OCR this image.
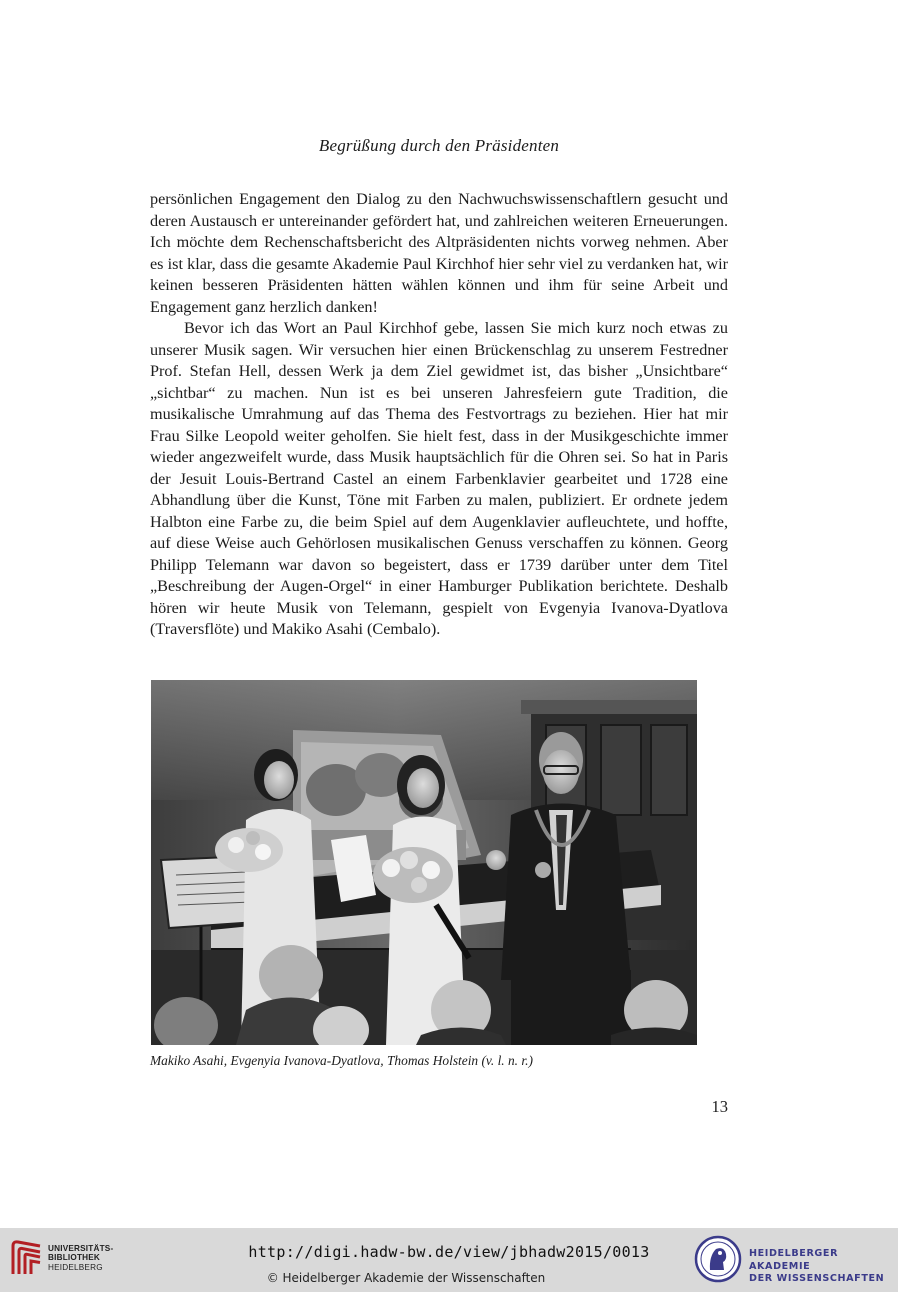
Begrüßung durch den Präsidenten

persönlichen Engagement den Dialog zu den Nachwuchswissenschaftlern gesucht und deren Austausch er untereinander gefördert hat, und zahlreichen weiteren Erneuerungen. Ich möchte dem Rechenschaftsbericht des Altpräsidenten nichts vorweg nehmen. Aber es ist klar, dass die gesamte Akademie Paul Kirchhof hier sehr viel zu verdanken hat, wir keinen besseren Präsidenten hätten wählen können und ihm für seine Arbeit und Engagement ganz herzlich danken!

Bevor ich das Wort an Paul Kirchhof gebe, lassen Sie mich kurz noch etwas zu unserer Musik sagen. Wir versuchen hier einen Brückenschlag zu unserem Festredner Prof. Stefan Hell, dessen Werk ja dem Ziel gewidmet ist, das bisher „Unsichtbare“ „sichtbar“ zu machen. Nun ist es bei unseren Jahresfeiern gute Tradition, die musikalische Umrahmung auf das Thema des Festvortrags zu beziehen. Hier hat mir Frau Silke Leopold weiter geholfen. Sie hielt fest, dass in der Musikgeschichte immer wieder angezweifelt wurde, dass Musik hauptsächlich für die Ohren sei. So hat in Paris der Jesuit Louis-Bertrand Castel an einem Farbenklavier gearbeitet und 1728 eine Abhandlung über die Kunst, Töne mit Farben zu malen, publiziert. Er ordnete jedem Halbton eine Farbe zu, die beim Spiel auf dem Augenklavier aufleuchtete, und hoffte, auf diese Weise auch Gehörlosen musikalischen Genuss verschaffen zu können. Georg Philipp Telemann war davon so begeistert, dass er 1739 darüber unter dem Titel „Beschreibung der Augen-Orgel“ in einer Hamburger Publikation berichtete. Deshalb hören wir heute Musik von Telemann, gespielt von Evgenyia Ivanova-Dyatlova (Traversflöte) und Makiko Asahi (Cembalo).

Makiko Asahi, Evgenyia Ivanova-Dyatlova, Thomas Holstein (v. l. n. r.)
13
UNIVERSITÄTS-
BIBLIOTHEK
HEIDELBERG
http://digi.hadw-bw.de/view/jbhadw2015/0013
© Heidelberger Akademie der Wissenschaften
HEIDELBERGER AKADEMIE
DER WISSENSCHAFTEN
